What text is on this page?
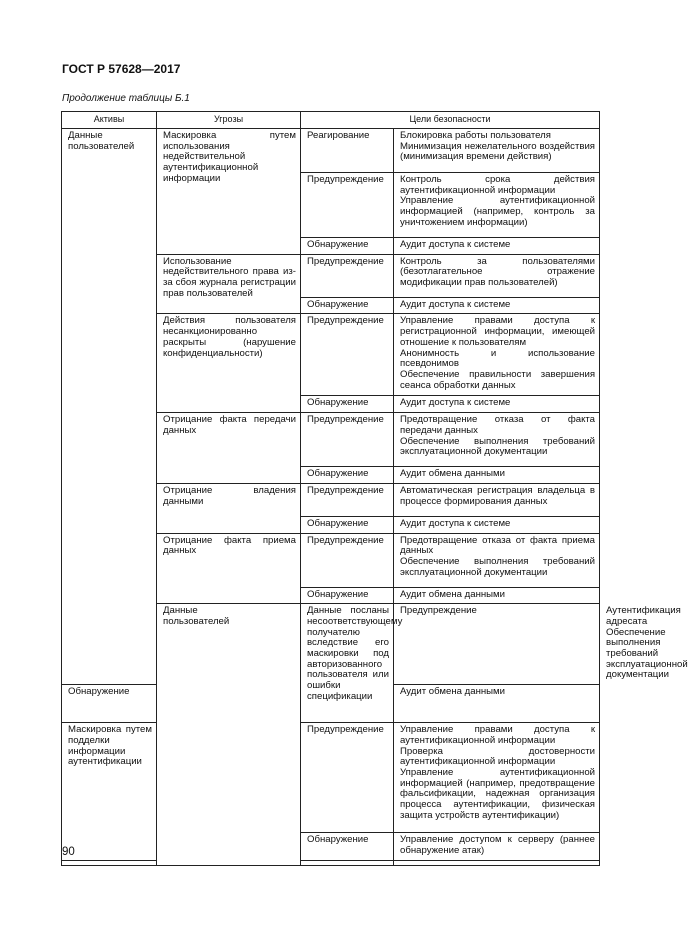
ГОСТ Р 57628—2017
Продолжение таблицы Б.1
Активы	Угрозы	Цели безопасности		

Данные пользователей	Маскировка путем использования недействительной аутентификационной информации	Реагирование	Блокировка работы пользователя
Минимизация нежелательного воздействия (минимизация времени действия)	

		Предупреждение	Контроль срока действия аутентификационной информации
Управление аутентификационной информацией (например, контроль за уничтожением информации)	

		Обнаружение	Аудит доступа к системе	

	Использование недействительного права из-за сбоя журнала регистрации прав пользователей	Предупреждение	Контроль за пользователями (безотлагательное отражение модификации прав пользователей)	

		Обнаружение	Аудит доступа к системе	

	Действия пользователя несанкционированно раскрыты (нарушение конфиденциальности)	Предупреждение	Управление правами доступа к регистрационной информации, имеющей отношение к пользователям
Анонимность и использование псевдонимов
Обеспечение правильности завершения сеанса обработки данных	

		Обнаружение	Аудит доступа к системе	

	Отрицание факта передачи данных	Предупреждение	Предотвращение отказа от факта передачи данных
Обеспечение выполнения требований эксплуатационной документации	

		Обнаружение	Аудит обмена данными	

	Отрицание владения данными	Предупреждение	Автоматическая регистрация владельца в процессе формирования данных	

		Обнаружение	Аудит доступа к системе	

	Отрицание факта приема данных	Предупреждение	Предотвращение отказа от факта приема данных
Обеспечение выполнения требований эксплуатационной документации	

		Обнаружение	Аудит обмена данными	

	Данные пользователей	Данные посланы несоответствующему получателю вследствие его маскировки под авторизованного пользователя или ошибки спецификации	Предупреждение	Аутентификация адресата
Обеспечение выполнения требований эксплуатационной документации

Обнаружение			Аудит обмена данными	

Маскировка путем подделки информации аутентификации		Предупреждение	Управление правами доступа к аутентификационной информации
Проверка достоверности аутентификационной информации
Управление аутентификационной информацией (например, предотвращение фальсификации, надежная организация процесса аутентификации, физическая защита устройств аутентификации)	

		Обнаружение	Управление доступом к серверу (раннее обнаружение атак)	

90
